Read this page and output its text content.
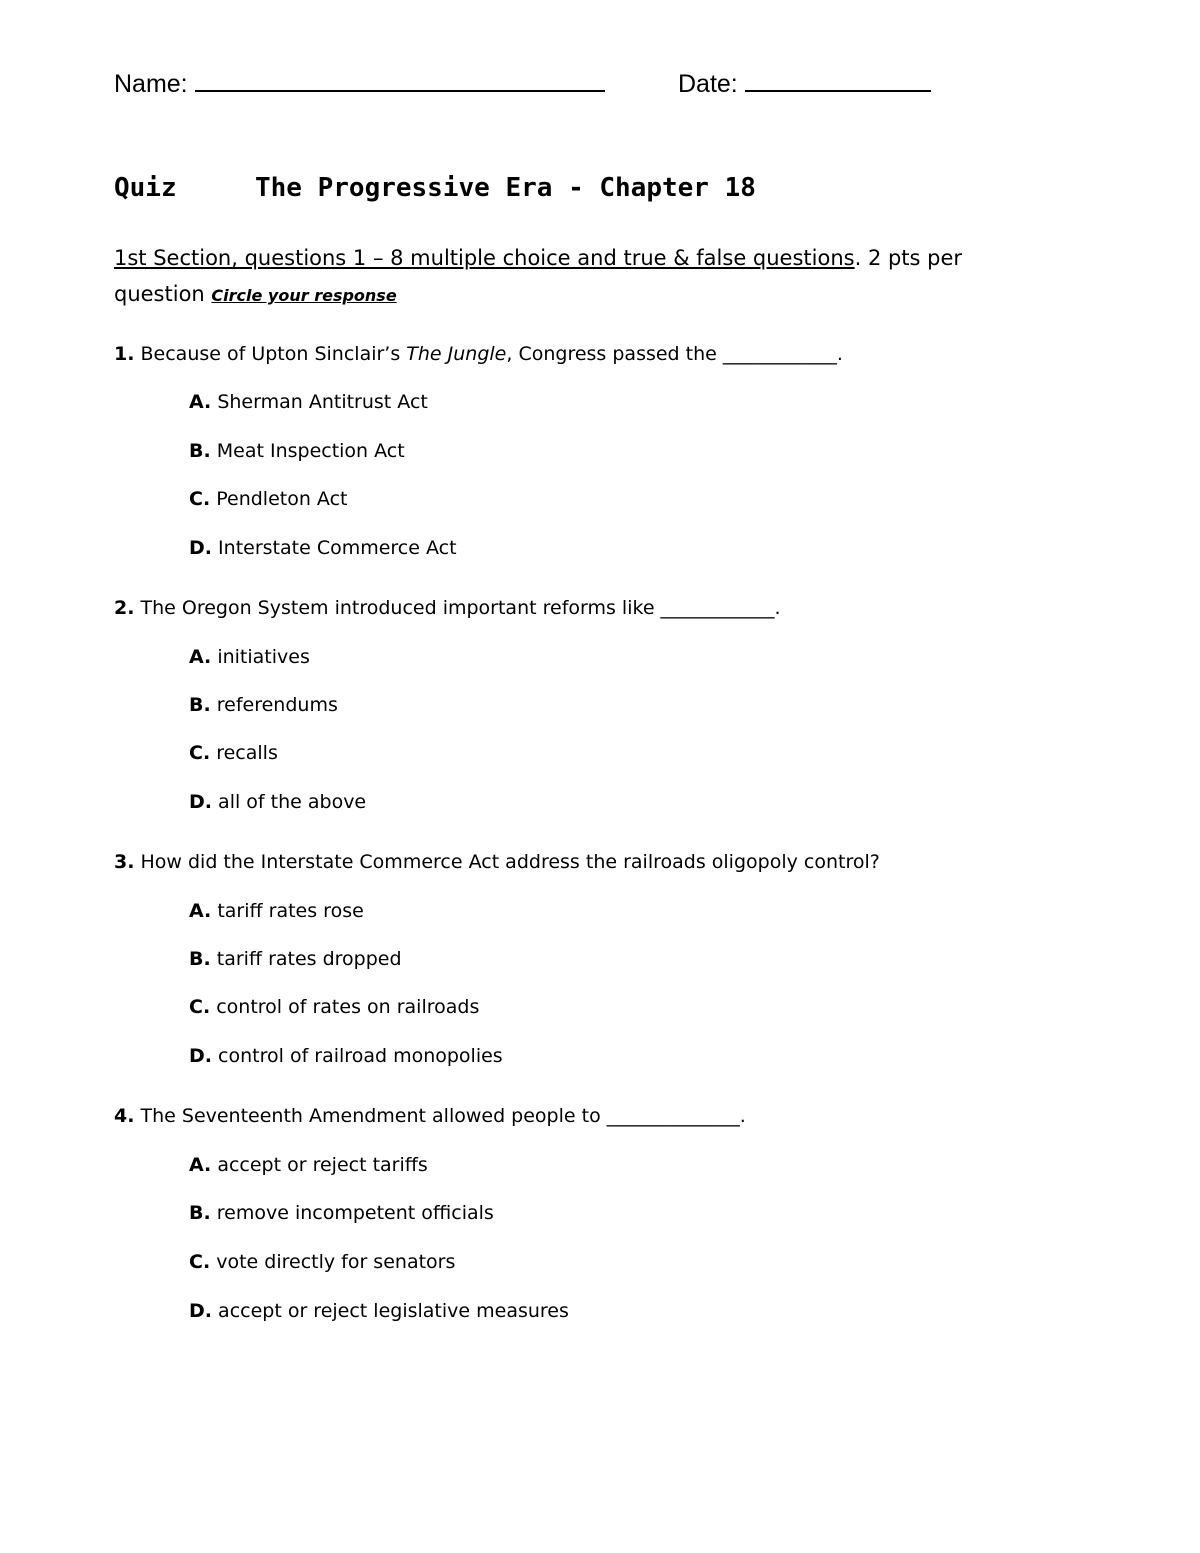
Name:	Date:
Quiz	The Progressive Era - Chapter 18
1st Section, questions 1 – 8 multiple choice and true & false questions. 2 pts per question Circle your response
1. Because of Upton Sinclair’s The Jungle, Congress passed the ____________.
A. Sherman Antitrust Act
B. Meat Inspection Act
C. Pendleton Act
D. Interstate Commerce Act
2. The Oregon System introduced important reforms like ____________.
A. initiatives
B. referendums
C. recalls
D. all of the above
3. How did the Interstate Commerce Act address the railroads oligopoly control?
A. tariff rates rose
B. tariff rates dropped
C. control of rates on railroads
D. control of railroad monopolies
4. The Seventeenth Amendment allowed people to ______________.
A. accept or reject tariffs
B. remove incompetent officials
C. vote directly for senators
D. accept or reject legislative measures
